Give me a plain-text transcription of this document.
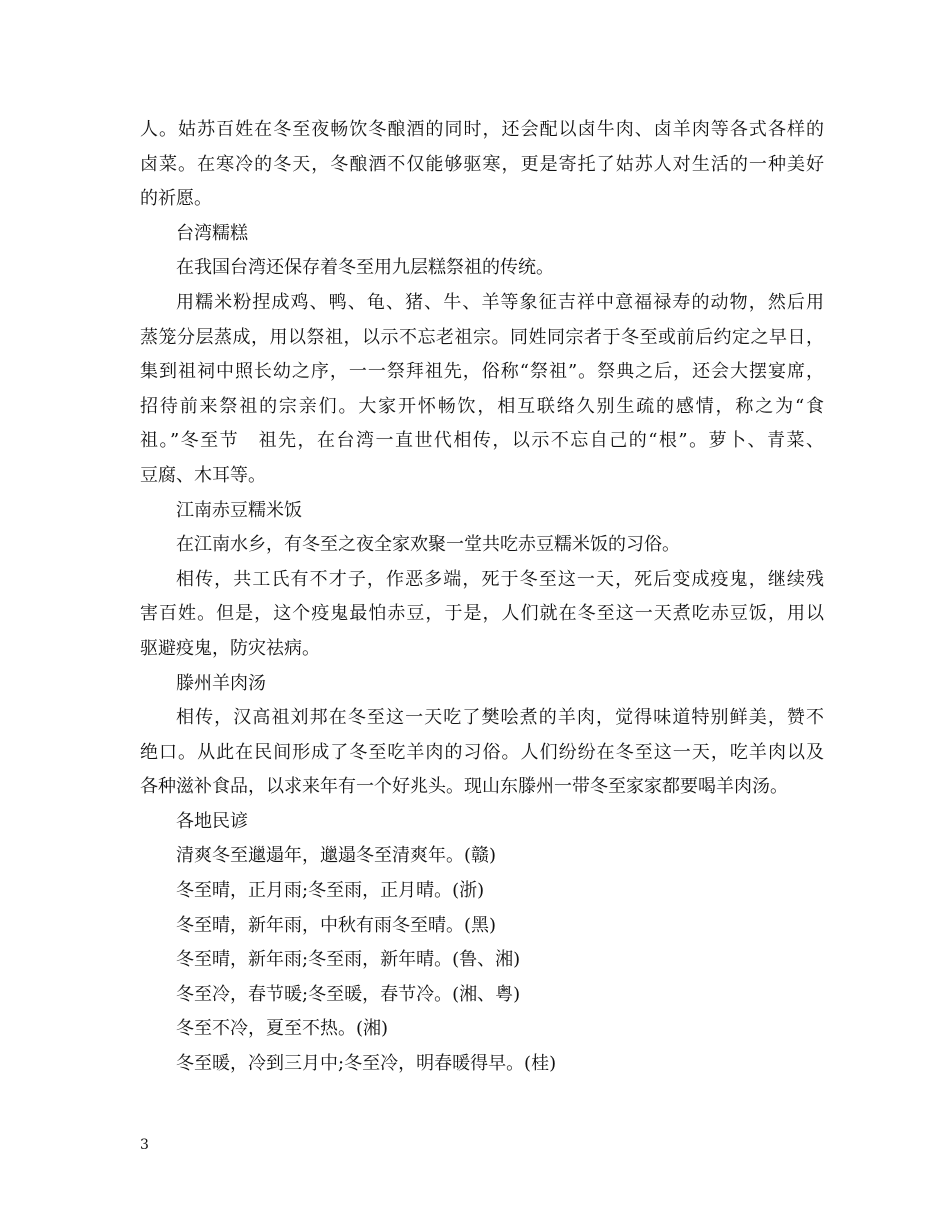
人。姑苏百姓在冬至夜畅饮冬酿酒的同时，还会配以卤牛肉、卤羊肉等各式各样的

卤菜。在寒冷的冬天，冬酿酒不仅能够驱寒，更是寄托了姑苏人对生活的一种美好

的祈愿。

台湾糯糕

在我国台湾还保存着冬至用九层糕祭祖的传统。

用糯米粉捏成鸡、鸭、龟、猪、牛、羊等象征吉祥中意福禄寿的动物，然后用

蒸笼分层蒸成，用以祭祖，以示不忘老祖宗。同姓同宗者于冬至或前后约定之早日，

集到祖祠中照长幼之序，一一祭拜祖先，俗称“祭祖”。祭典之后，还会大摆宴席，

招待前来祭祖的宗亲们。大家开怀畅饮，相互联络久别生疏的感情，称之为“食

祖。”冬至节　祖先，在台湾一直世代相传，以示不忘自己的“根”。萝卜、青菜、

豆腐、木耳等。

江南赤豆糯米饭

在江南水乡，有冬至之夜全家欢聚一堂共吃赤豆糯米饭的习俗。

相传，共工氏有不才子，作恶多端，死于冬至这一天，死后变成疫鬼，继续残

害百姓。但是，这个疫鬼最怕赤豆，于是，人们就在冬至这一天煮吃赤豆饭，用以

驱避疫鬼，防灾祛病。

滕州羊肉汤

相传，汉高祖刘邦在冬至这一天吃了樊哙煮的羊肉，觉得味道特别鲜美，赞不

绝口。从此在民间形成了冬至吃羊肉的习俗。人们纷纷在冬至这一天，吃羊肉以及

各种滋补食品，以求来年有一个好兆头。现山东滕州一带冬至家家都要喝羊肉汤。

各地民谚

清爽冬至邋遢年，邋遢冬至清爽年。(赣)

冬至晴，正月雨;冬至雨，正月晴。(浙)

冬至晴，新年雨，中秋有雨冬至晴。(黑)

冬至晴，新年雨;冬至雨，新年晴。(鲁、湘)

冬至冷，春节暖;冬至暖，春节冷。(湘、粤)

冬至不冷，夏至不热。(湘)

冬至暖，冷到三月中;冬至冷，明春暖得早。(桂)

3
